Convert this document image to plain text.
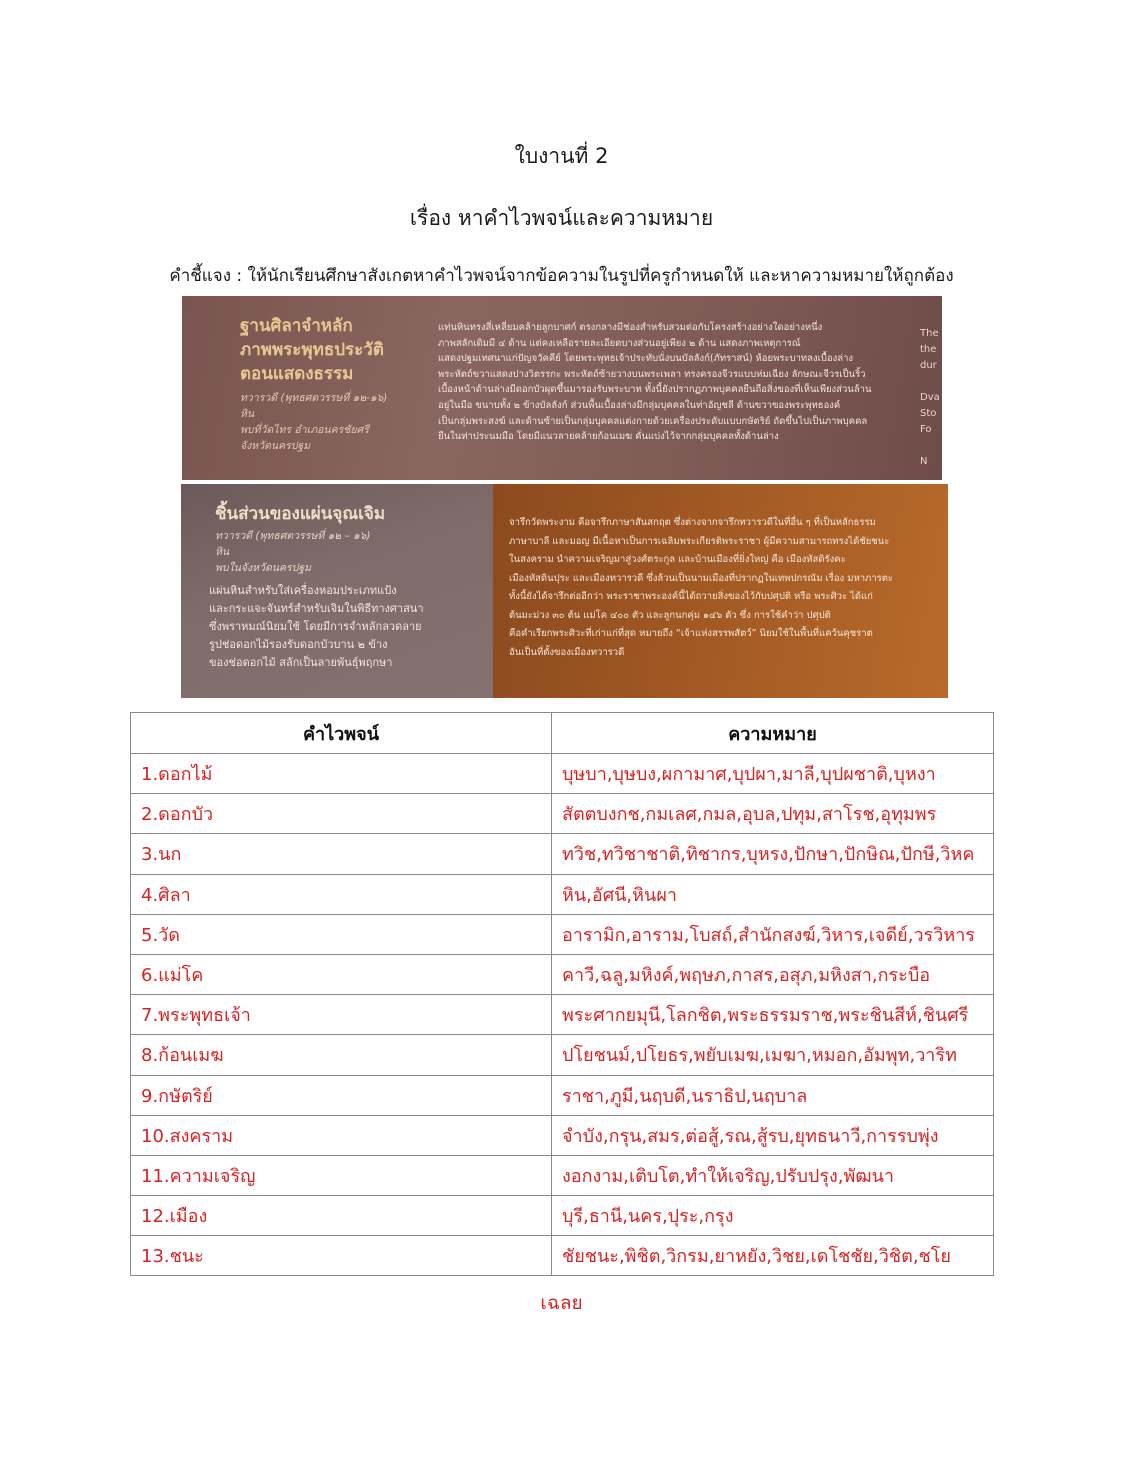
ใบงานที่ 2
เรื่อง หาคำไวพจน์และความหมาย
คำชี้แจง : ให้นักเรียนศึกษาสังเกตหาคำไวพจน์จากข้อความในรูปที่ครูกำหนดให้ และหาความหมายให้ถูกต้อง
ฐานศิลาจำหลัก
ภาพพระพุทธประวัติ
ตอนแสดงธรรม
ทวารวดี (พุทธศตวรรษที่ ๑๒-๑๖)
หิน
พบที่วัดไทร อำเภอนครชัยศรี
จังหวัดนครปฐม
แท่นหินทรงสี่เหลี่ยมคล้ายลูกบาศก์ ตรงกลางมีช่องสำหรับสวมต่อกับโครงสร้างอย่างใดอย่างหนึ่ง
ภาพสลักเดิมมี ๔ ด้าน แต่คงเหลือรายละเอียดบางส่วนอยู่เพียง ๒ ด้าน แสดงภาพเหตุการณ์
แสดงปฐมเทศนาแก่ปัญจวัคคีย์ โดยพระพุทธเจ้าประทับนั่งบนบัลลังก์(ภัทราสน์) ห้อยพระบาทลงเบื้องล่าง
พระหัตถ์ขวาแสดงปางวิตรรกะ พระหัตถ์ซ้ายวางบนพระเพลา ทรงครองจีวรแบบห่มเฉียง ลักษณะจีวรเป็นริ้ว
เบื้องหน้าด้านล่างมีดอกบัวผุดขึ้นมารองรับพระบาท ทั้งนี้ยังปรากฏภาพบุคคลยืนถือสิ่งของที่เห็นเพียงส่วนล้าน
อยู่ในมือ ขนาบทั้ง ๒ ข้างบัลลังก์ ส่วนพื้นเบื้องล่างมีกลุ่มบุคคลในท่าอัญชลี ด้านขวาของพระพุทธองค์
เป็นกลุ่มพระสงฆ์ และด้านซ้ายเป็นกลุ่มบุคคลแต่งกายด้วยเครื่องประดับแบบกษัตริย์ ถัดขึ้นไปเป็นภาพบุคคล
ยืนในท่าประนมมือ โดยมีแนวลายคล้ายก้อนเมฆ คั่นแบ่งไว้จากกลุ่มบุคคลทั้งด้านล่าง
The
the
dur

Dva
Sto
Fo

N
ชิ้นส่วนของแผ่นจุณเจิม
ทวารวดี (พุทธศตวรรษที่ ๑๒ – ๑๖)
หิน
พบในจังหวัดนครปฐม
แผ่นหินสำหรับใส่เครื่องหอมประเภทแป้ง
และกระแจะจันทร์สำหรับเจิมในพิธีทางศาสนา
ซึ่งพราหมณ์นิยมใช้ โดยมีการจำหลักลวดลาย
รูปช่อดอกไม้รองรับดอกบัวบาน ๒ ข้าง
ของช่อดอกไม้ สลักเป็นลายพันธุ์พฤกษา
จารึกวัดพระงาม คือจารึกภาษาสันสกฤต ซึ่งต่างจากจารึกทวารวดีในที่อื่น ๆ ที่เป็นหลักธรรม
ภาษาบาลี และมอญ มีเนื้อหาเป็นการเฉลิมพระเกียรติพระราชา ผู้มีความสามารถทรงได้ชัยชนะ
ในสงคราม นำความเจริญมาสู่วงศ์ตระกูล และบ้านเมืองที่ยิ่งใหญ่ คือ เมืองหัสดิรังคะ
เมืองหัสดินปุระ และเมืองทวารวดี ซึ่งล้วนเป็นนามเมืองที่ปรากฏในเทพปกรณัม เรื่อง มหาภารตะ
ทั้งนี้ยังได้จารึกต่ออีกว่า พระราชาพระองค์นี้ได้ถวายสิ่งของไว้กับปศุปติ หรือ พระศิวะ ได้แก่
ต้นมะม่วง ๓๐ ต้น แม่โค ๔๐๐ ตัว และลูกนกคุ่ม ๑๔๖ ตัว ซึ่ง การใช้คำว่า ปศุปติ
คือคำเรียกพระศิวะที่เก่าแก่ที่สุด หมายถึง “เจ้าแห่งสรรพสัตว์” นิยมใช้ในพื้นที่แคว้นคุชราต
อันเป็นที่ตั้งของเมืองทวารวดี
คำไวพจน์	ความหมาย
1.ดอกไม้	บุษบา,บุษบง,ผกามาศ,บุปผา,มาลี,บุปผชาติ,บุหงา
2.ดอกบัว	สัตตบงกช,กมเลศ,กมล,อุบล,ปทุม,สาโรช,อุทุมพร
3.นก	ทวิช,ทวิชาชาติ,ทิชากร,บุหรง,ปักษา,ปักษิณ,ปักษี,วิหค
4.ศิลา	หิน,อัศนี,หินผา
5.วัด	อารามิก,อาราม,โบสถ์,สำนักสงฆ์,วิหาร,เจดีย์,วรวิหาร
6.แม่โค	คาวี,ฉลู,มหิงค์,พฤษภ,กาสร,อสุภ,มหิงสา,กระบือ
7.พระพุทธเจ้า	พระศากยมุนี,โลกชิต,พระธรรมราช,พระชินสีห์,ชินศรี
8.ก้อนเมฆ	ปโยชนม์,ปโยธร,พยับเมฆ,เมฆา,หมอก,อัมพุท,วาริท
9.กษัตริย์	ราชา,ภูมี,นฤบดี,นราธิป,นฤบาล
10.สงคราม	จำบัง,กรุน,สมร,ต่อสู้,รณ,สู้รบ,ยุทธนาวี,การรบพุ่ง
11.ความเจริญ	งอกงาม,เติบโต,ทำให้เจริญ,ปรับปรุง,พัฒนา
12.เมือง	บุรี,ธานี,นคร,ปุระ,กรุง
13.ชนะ	ชัยชนะ,พิชิต,วิกรม,ยาหยัง,วิชย,เดโชชัย,วิชิต,ชโย
เฉลย
